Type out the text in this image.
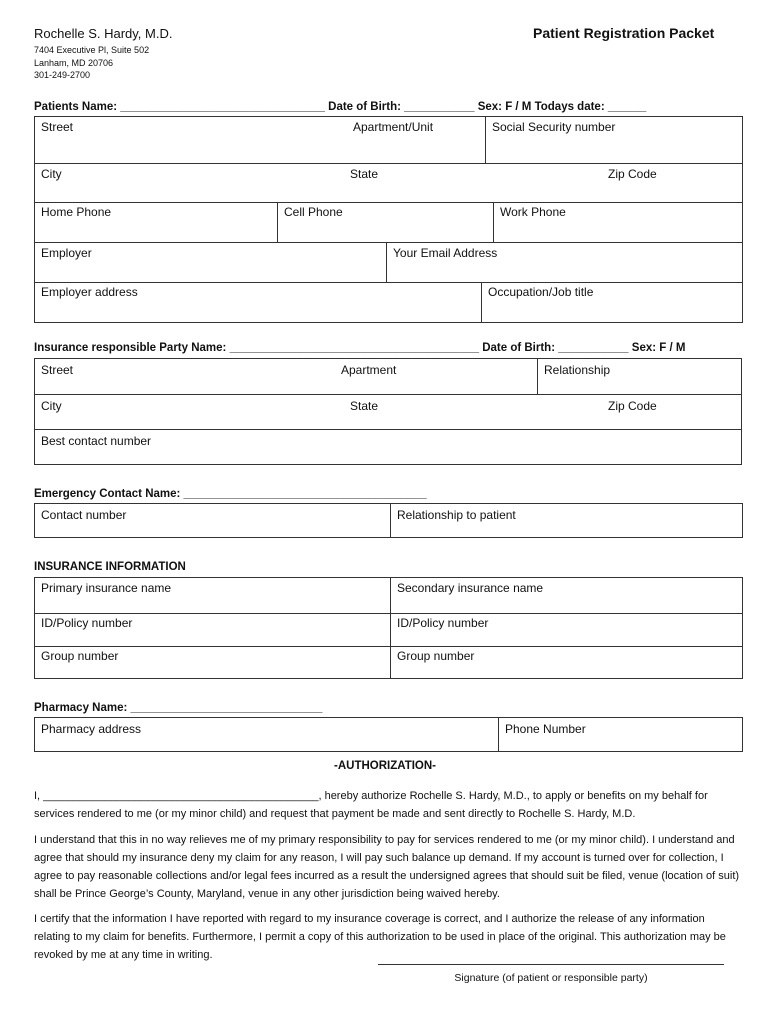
Rochelle S. Hardy, M.D.
7404 Executive Pl, Suite 502
Lanham, MD 20706
301-249-2700
Patient Registration Packet
Patients Name: ________________________________ Date of Birth: ___________ Sex: F / M Todays date: ______
Street	Apartment/Unit	Social Security number
City	State	Zip Code
Home Phone	Cell Phone	Work Phone
Employer	Your Email Address
Employer address	Occupation/Job title
Insurance responsible Party Name: _______________________________________ Date of Birth: ___________ Sex: F / M
Street	Apartment	Relationship
City	State	Zip Code
Best contact number
Emergency Contact Name: ______________________________________
Contact number	Relationship to patient
INSURANCE INFORMATION
Primary insurance name	Secondary insurance name
ID/Policy number	ID/Policy number
Group number	Group number
Pharmacy Name: ______________________________
Pharmacy address	Phone Number
-AUTHORIZATION-
I, _____________________________________________, hereby authorize Rochelle S. Hardy, M.D., to apply or benefits on my behalf for services rendered to me (or my minor child) and request that payment be made and sent directly to Rochelle S. Hardy, M.D.
I understand that this in no way relieves me of my primary responsibility to pay for services rendered to me (or my minor child). I understand and agree that should my insurance deny my claim for any reason, I will pay such balance up demand. If my account is turned over for collection, I agree to pay reasonable collections and/or legal fees incurred as a result the undersigned agrees that should suit be filed, venue (location of suit) shall be Prince George’s County, Maryland, venue in any other jurisdiction being waived hereby.
I certify that the information I have reported with regard to my insurance coverage is correct, and I authorize the release of any information relating to my claim for benefits. Furthermore, I permit a copy of this authorization to be used in place of the original. This authorization may be revoked by me at any time in writing.
Signature (of patient or responsible party)
